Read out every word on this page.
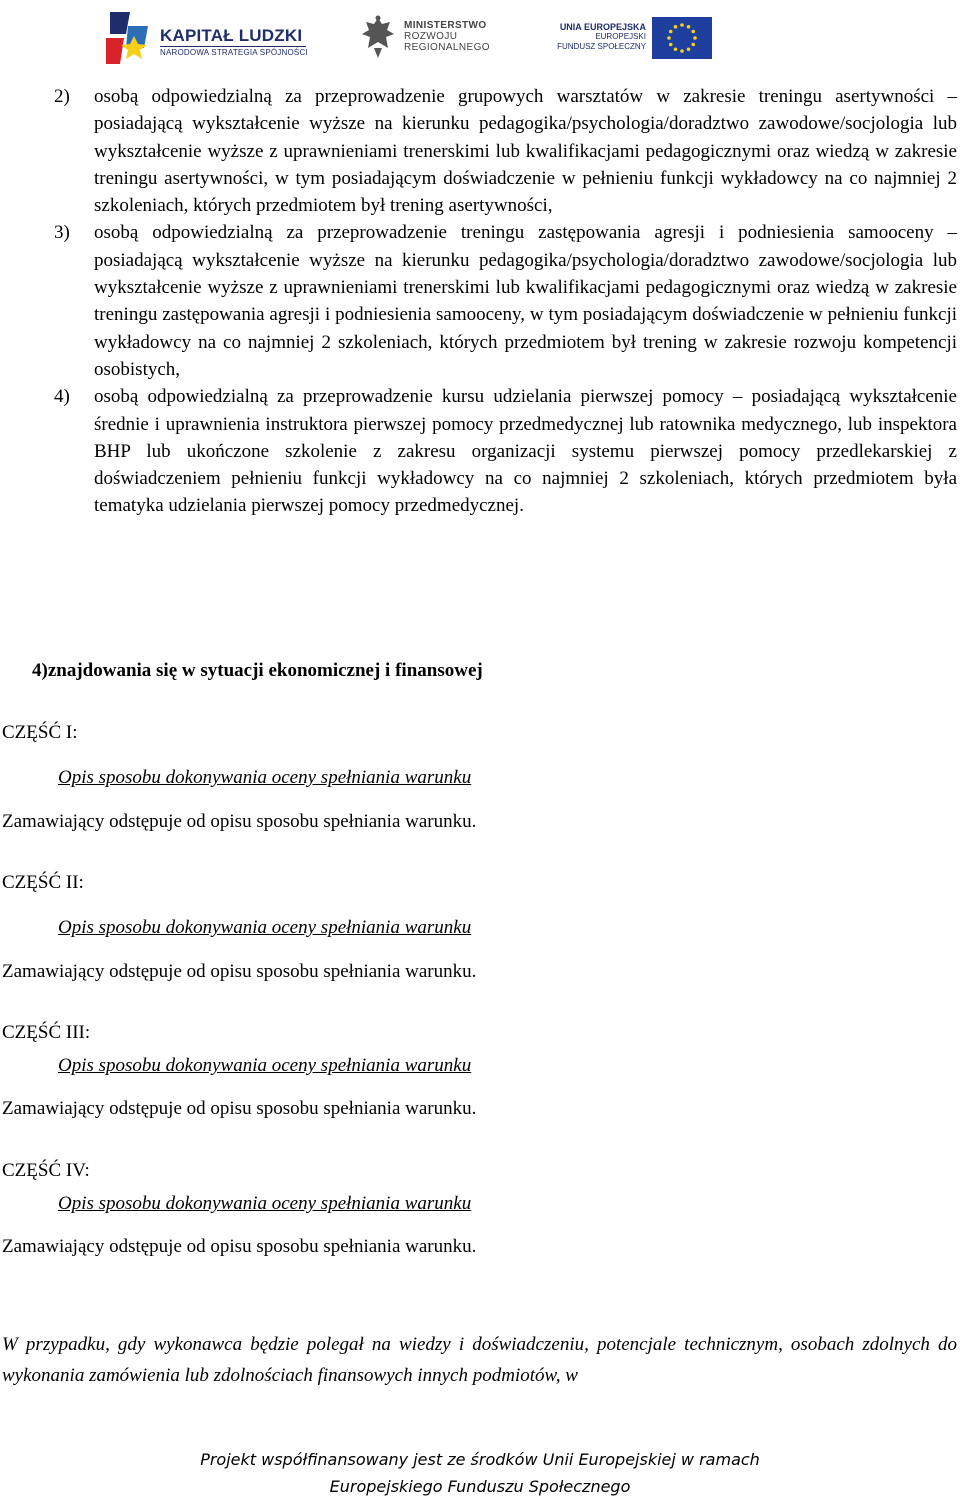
KAPITAŁ LUDZKI
NARODOWA STRATEGIA SPÓJNOŚCI
MINISTERSTWO
ROZWOJU
REGIONALNEGO
UNIA EUROPEJSKA
EUROPEJSKI
FUNDUSZ SPOŁECZNY
2)	osobą odpowiedzialną za przeprowadzenie grupowych warsztatów w zakresie treningu asertywności – posiadającą wykształcenie wyższe na kierunku pedagogika/psychologia/doradztwo zawodowe/socjologia lub wykształcenie wyższe z uprawnieniami trenerskimi lub kwalifikacjami pedagogicznymi oraz wiedzą w zakresie treningu asertywności, w tym posiadającym doświadczenie w pełnieniu funkcji wykładowcy na co najmniej 2 szkoleniach, których przedmiotem był trening asertywności,
3)	osobą odpowiedzialną za przeprowadzenie treningu zastępowania agresji i podniesienia samooceny – posiadającą wykształcenie wyższe na kierunku pedagogika/psychologia/doradztwo zawodowe/socjologia lub wykształcenie wyższe z uprawnieniami trenerskimi lub kwalifikacjami pedagogicznymi oraz wiedzą w zakresie treningu zastępowania agresji i podniesienia samooceny, w tym posiadającym doświadczenie w pełnieniu funkcji wykładowcy na co najmniej 2 szkoleniach, których przedmiotem był trening w zakresie rozwoju kompetencji osobistych,
4)	osobą odpowiedzialną za przeprowadzenie kursu udzielania pierwszej pomocy – posiadającą wykształcenie średnie i uprawnienia instruktora pierwszej pomocy przedmedycznej lub ratownika medycznego, lub inspektora BHP lub ukończone szkolenie z zakresu organizacji systemu pierwszej pomocy przedlekarskiej z doświadczeniem pełnieniu funkcji wykładowcy na co najmniej 2 szkoleniach, których przedmiotem była tematyka udzielania pierwszej pomocy przedmedycznej.
4)znajdowania się w sytuacji ekonomicznej i finansowej
CZĘŚĆ I:
Opis sposobu dokonywania oceny spełniania warunku
Zamawiający odstępuje od opisu sposobu spełniania warunku.
CZĘŚĆ II:
Opis sposobu dokonywania oceny spełniania warunku
Zamawiający odstępuje od opisu sposobu spełniania warunku.
CZĘŚĆ III:
Opis sposobu dokonywania oceny spełniania warunku
Zamawiający odstępuje od opisu sposobu spełniania warunku.
CZĘŚĆ IV:
Opis sposobu dokonywania oceny spełniania warunku
Zamawiający odstępuje od opisu sposobu spełniania warunku.
W przypadku, gdy wykonawca będzie polegał na wiedzy i doświadczeniu, potencjale technicznym, osobach zdolnych do wykonania zamówienia lub zdolnościach finansowych innych podmiotów, w
Projekt współfinansowany jest ze środków Unii Europejskiej w ramach
Europejskiego Funduszu Społecznego
